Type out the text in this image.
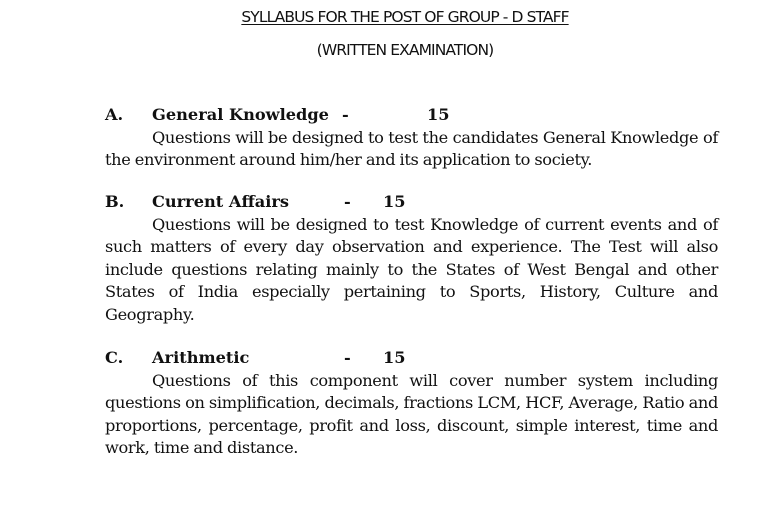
SYLLABUS FOR THE POST OF GROUP - D STAFF
(WRITTEN EXAMINATION)
A. General Knowledge -	15
Questions will be designed to test the candidates General Knowledge of the environment around him/her and its application to society.
B. Current Affairs	- 15
Questions will be designed to test Knowledge of current events and of such matters of every day observation and experience. The Test will also include questions relating mainly to the States of West Bengal and other States of India especially pertaining to Sports, History, Culture and Geography.
C. Arithmetic	- 15
Questions of this component will cover number system including questions on simplification, decimals, fractions LCM, HCF, Average, Ratio and proportions, percentage, profit and loss, discount, simple interest, time and work, time and distance.
